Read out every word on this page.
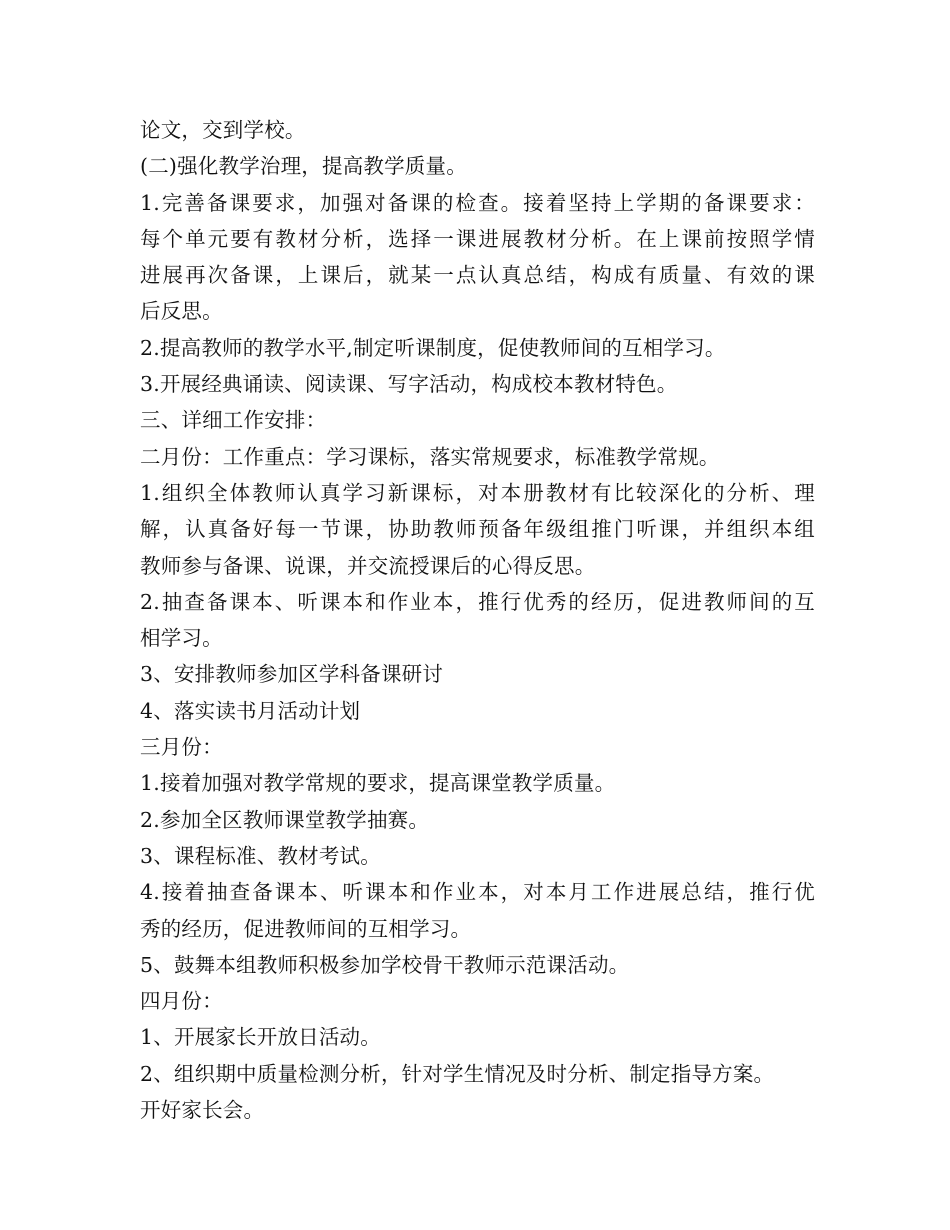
论文，交到学校。
(二)强化教学治理，提高教学质量。
1.完善备课要求，加强对备课的检查。接着坚持上学期的备课要求：
每个单元要有教材分析，选择一课进展教材分析。在上课前按照学情
进展再次备课，上课后，就某一点认真总结，构成有质量、有效的课
后反思。
2.提高教师的教学水平,制定听课制度，促使教师间的互相学习。
3.开展经典诵读、阅读课、写字活动，构成校本教材特色。
三、详细工作安排：
二月份：工作重点：学习课标，落实常规要求，标准教学常规。
1.组织全体教师认真学习新课标，对本册教材有比较深化的分析、理
解，认真备好每一节课，协助教师预备年级组推门听课，并组织本组
教师参与备课、说课，并交流授课后的心得反思。
2.抽查备课本、听课本和作业本，推行优秀的经历，促进教师间的互
相学习。
3、安排教师参加区学科备课研讨
4、落实读书月活动计划
三月份：
1.接着加强对教学常规的要求，提高课堂教学质量。
2.参加全区教师课堂教学抽赛。
3、课程标准、教材考试。
4.接着抽查备课本、听课本和作业本，对本月工作进展总结，推行优
秀的经历，促进教师间的互相学习。
5、鼓舞本组教师积极参加学校骨干教师示范课活动。
四月份：
1、开展家长开放日活动。
2、组织期中质量检测分析，针对学生情况及时分析、制定指导方案。
开好家长会。
